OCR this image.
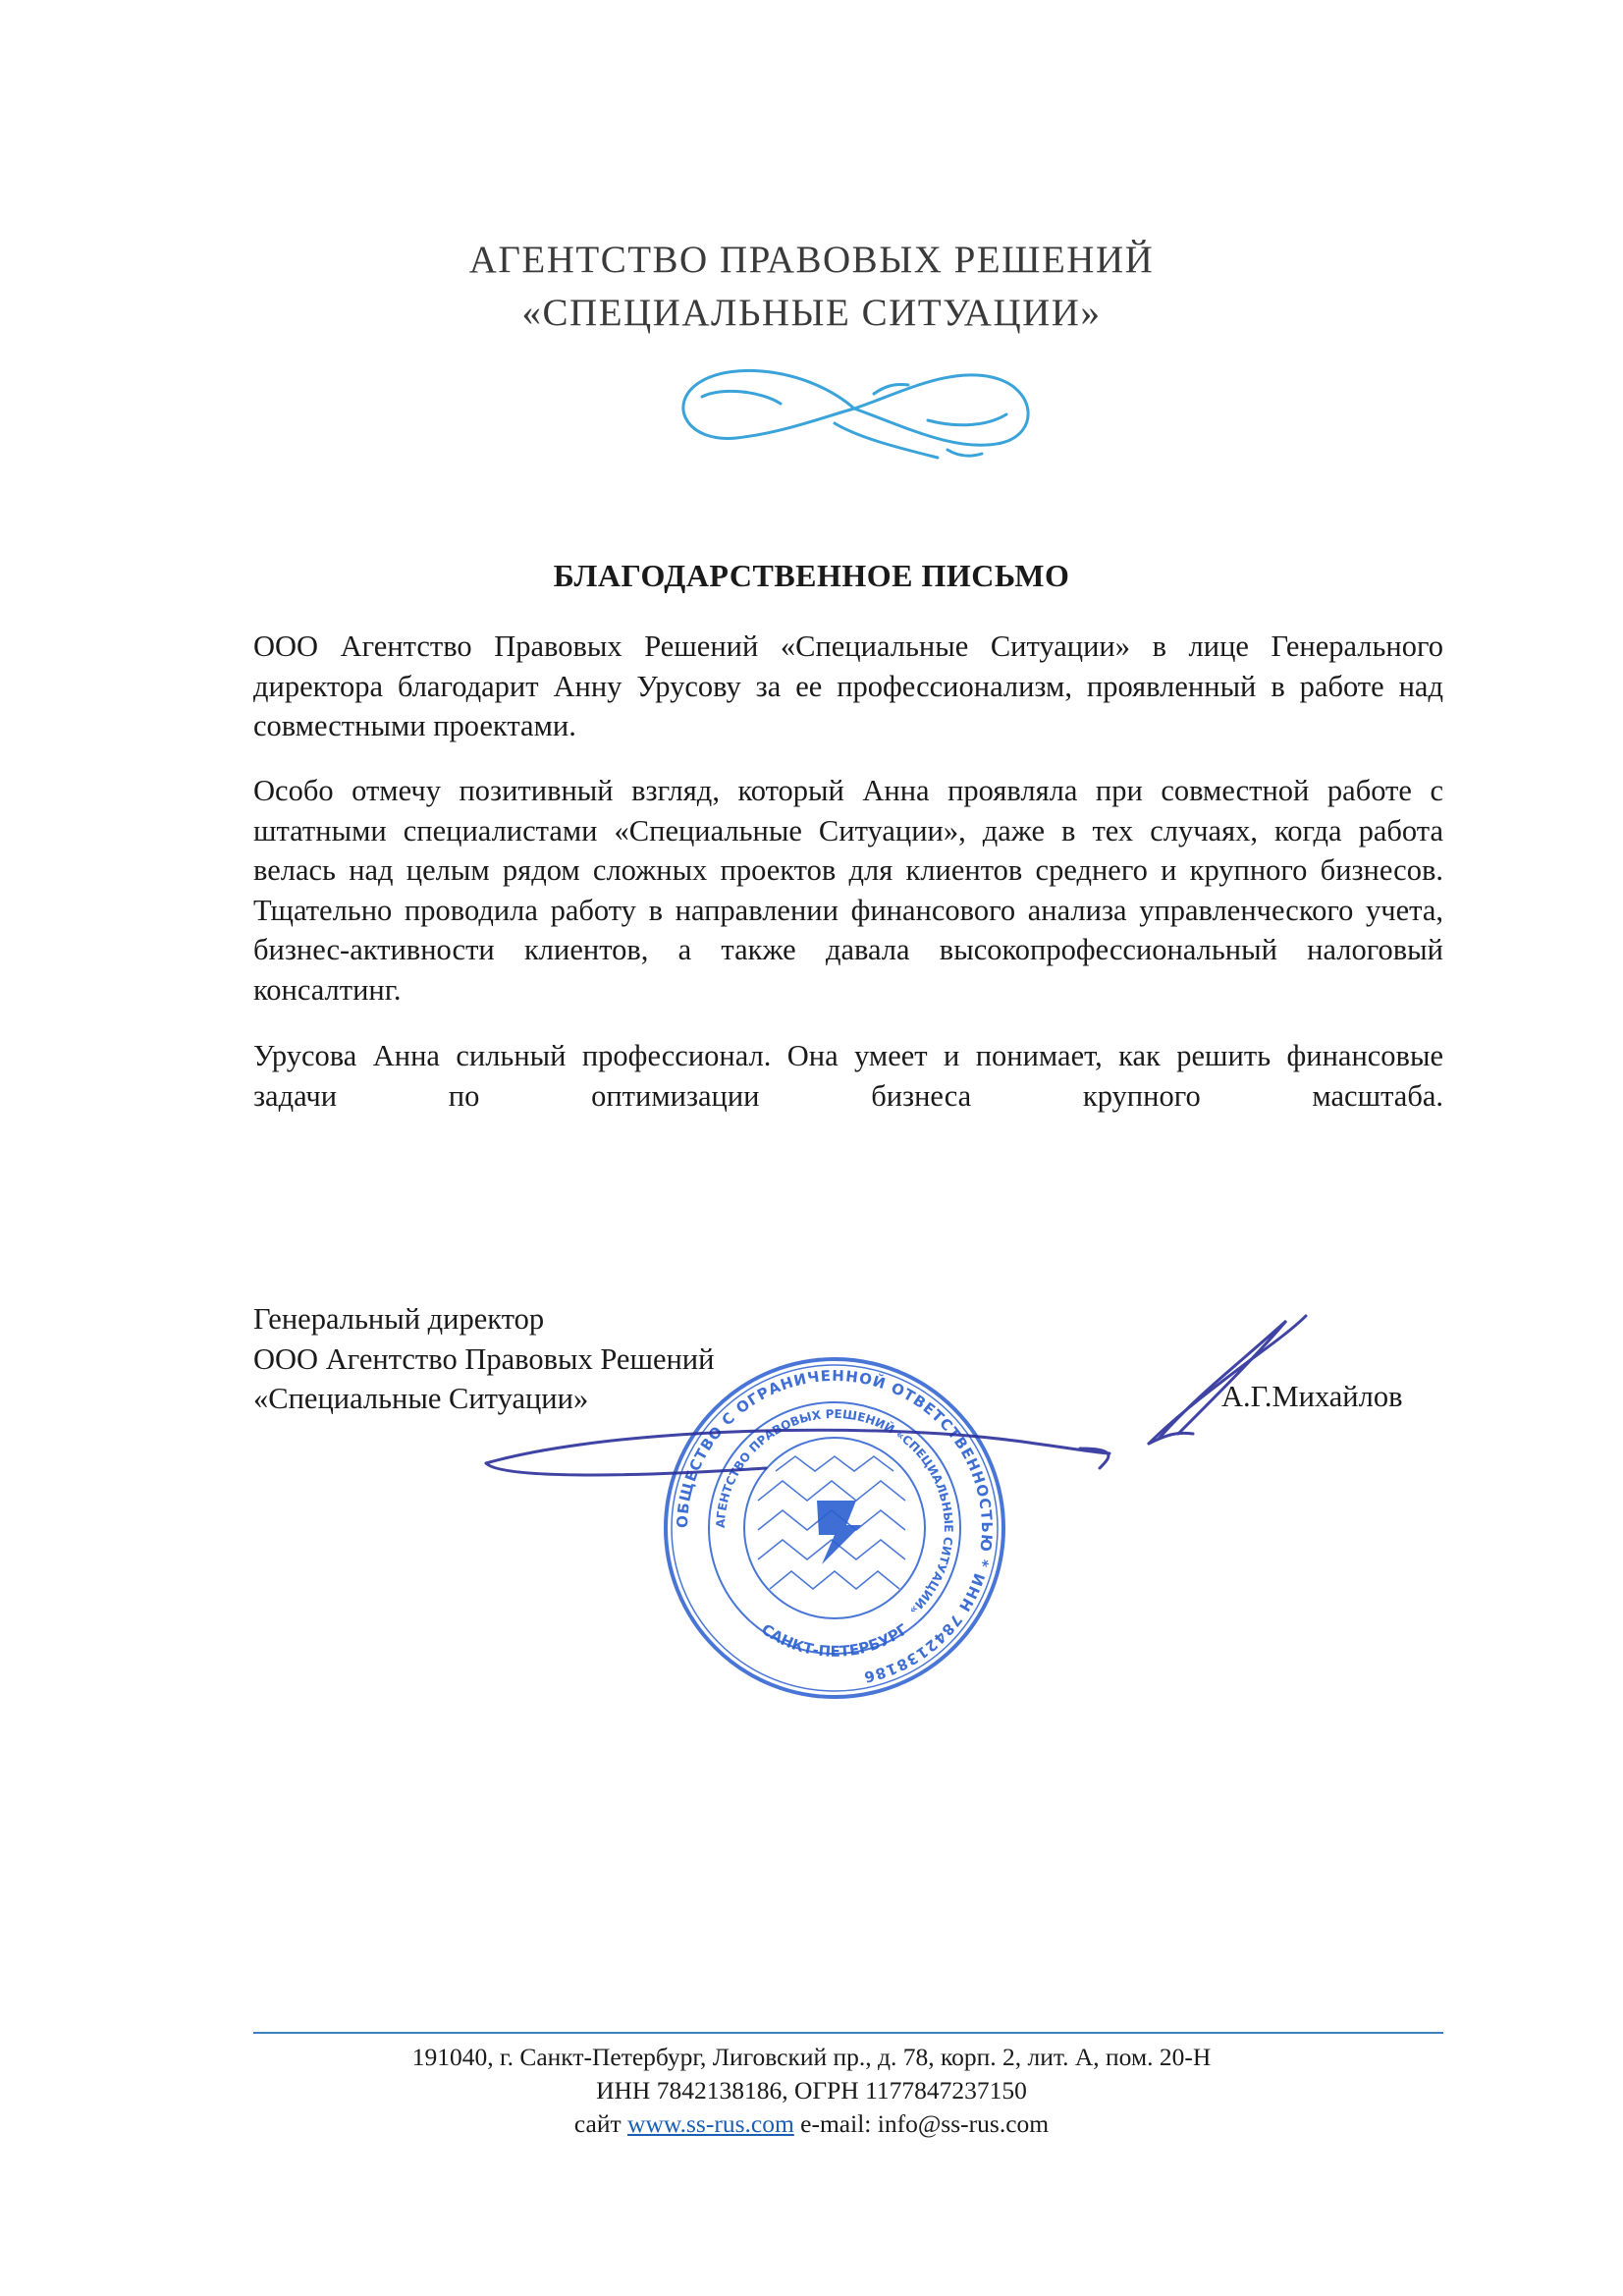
АГЕНТСТВО ПРАВОВЫХ РЕШЕНИЙ
«СПЕЦИАЛЬНЫЕ СИТУАЦИИ»
БЛАГОДАРСТВЕННОЕ ПИСЬМО
ООО Агентство Правовых Решений «Специальные Ситуации» в лице Генерального директора благодарит Анну Урусову за ее профессионализм, проявленный в работе над совместными проектами.
Особо отмечу позитивный взгляд, который Анна проявляла при совместной работе с штатными специалистами «Специальные Ситуации», даже в тех случаях, когда работа велась над целым рядом сложных проектов для клиентов среднего и крупного бизнесов. Тщательно проводила работу в направлении финансового анализа управленческого учета, бизнес-активности клиентов, а также давала высокопрофессиональный налоговый консалтинг.
Урусова Анна сильный профессионал. Она умеет и понимает, как решить финансовые задачи по оптимизации бизнеса крупного масштаба.
Генеральный директор
ООО Агентство Правовых Решений
«Специальные Ситуации»	А.Г.Михайлов
ОБЩЕСТВО С ОГРАНИЧЕННОЙ ОТВЕТСТВЕННОСТЬЮ * ИНН 7842138186
АГЕНТСТВО ПРАВОВЫХ РЕШЕНИЙ «СПЕЦИАЛЬНЫЕ СИТУАЦИИ»
САНКТ-ПЕТЕРБУРГ
191040, г. Санкт-Петербург, Лиговский пр., д. 78, корп. 2, лит. А, пом. 20-Н
ИНН 7842138186, ОГРН 1177847237150
сайт www.ss-rus.com e-mail: info@ss-rus.com
